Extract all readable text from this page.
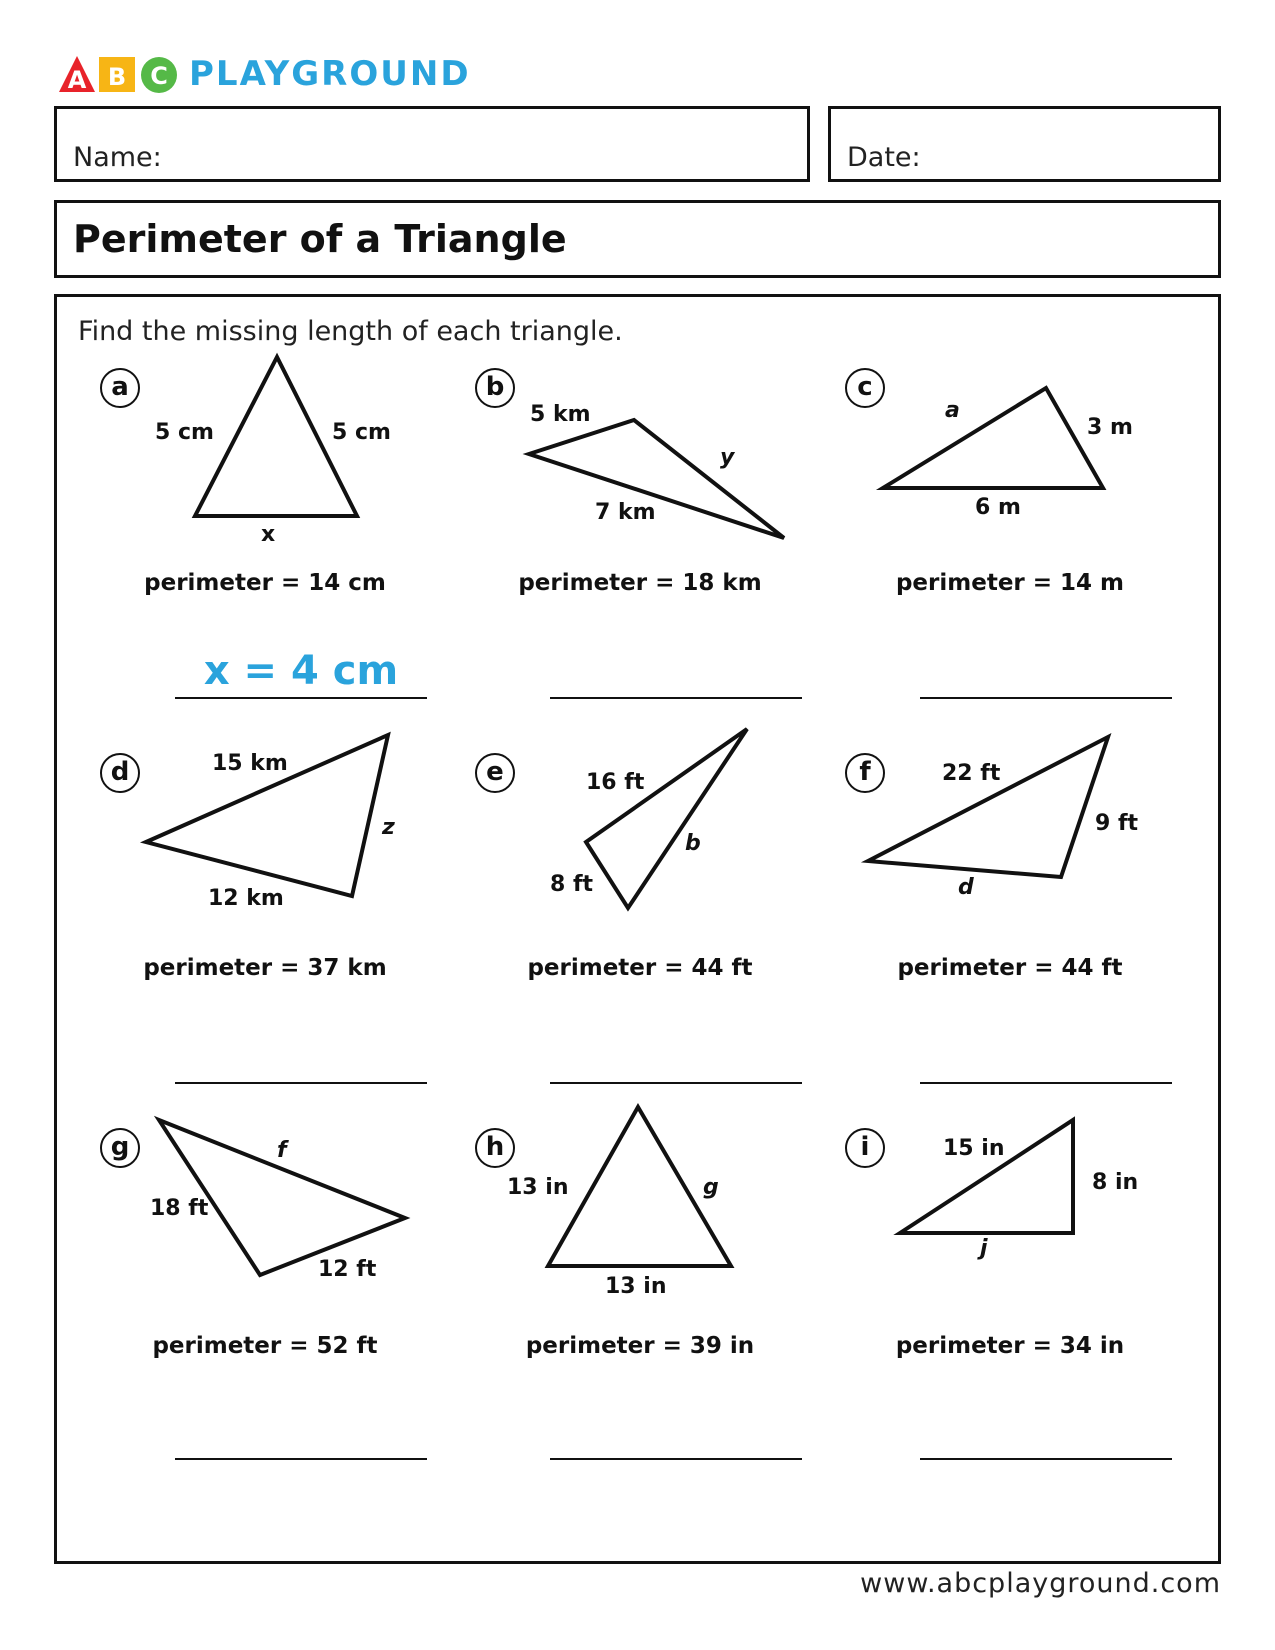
A B C PLAYGROUND
Name:	Date:
Perimeter of a Triangle
Find the missing length of each triangle.
a
5 cm	5 cm
x
perimeter = 14 cm
x = 4 cm
b
5 km
y
7 km
perimeter = 18 km
c
a
3 m
6 m
perimeter = 14 m
d	15 km
z
12 km
perimeter = 37 km
e	16 ft
b
8 ft
perimeter = 44 ft
f	22 ft
9 ft
d
perimeter = 44 ft
g	f
18 ft
12 ft
perimeter = 52 ft
h
13 in	g
13 in
perimeter = 39 in
i	15 in
8 in
j
perimeter = 34 in
www.abcplayground.com
